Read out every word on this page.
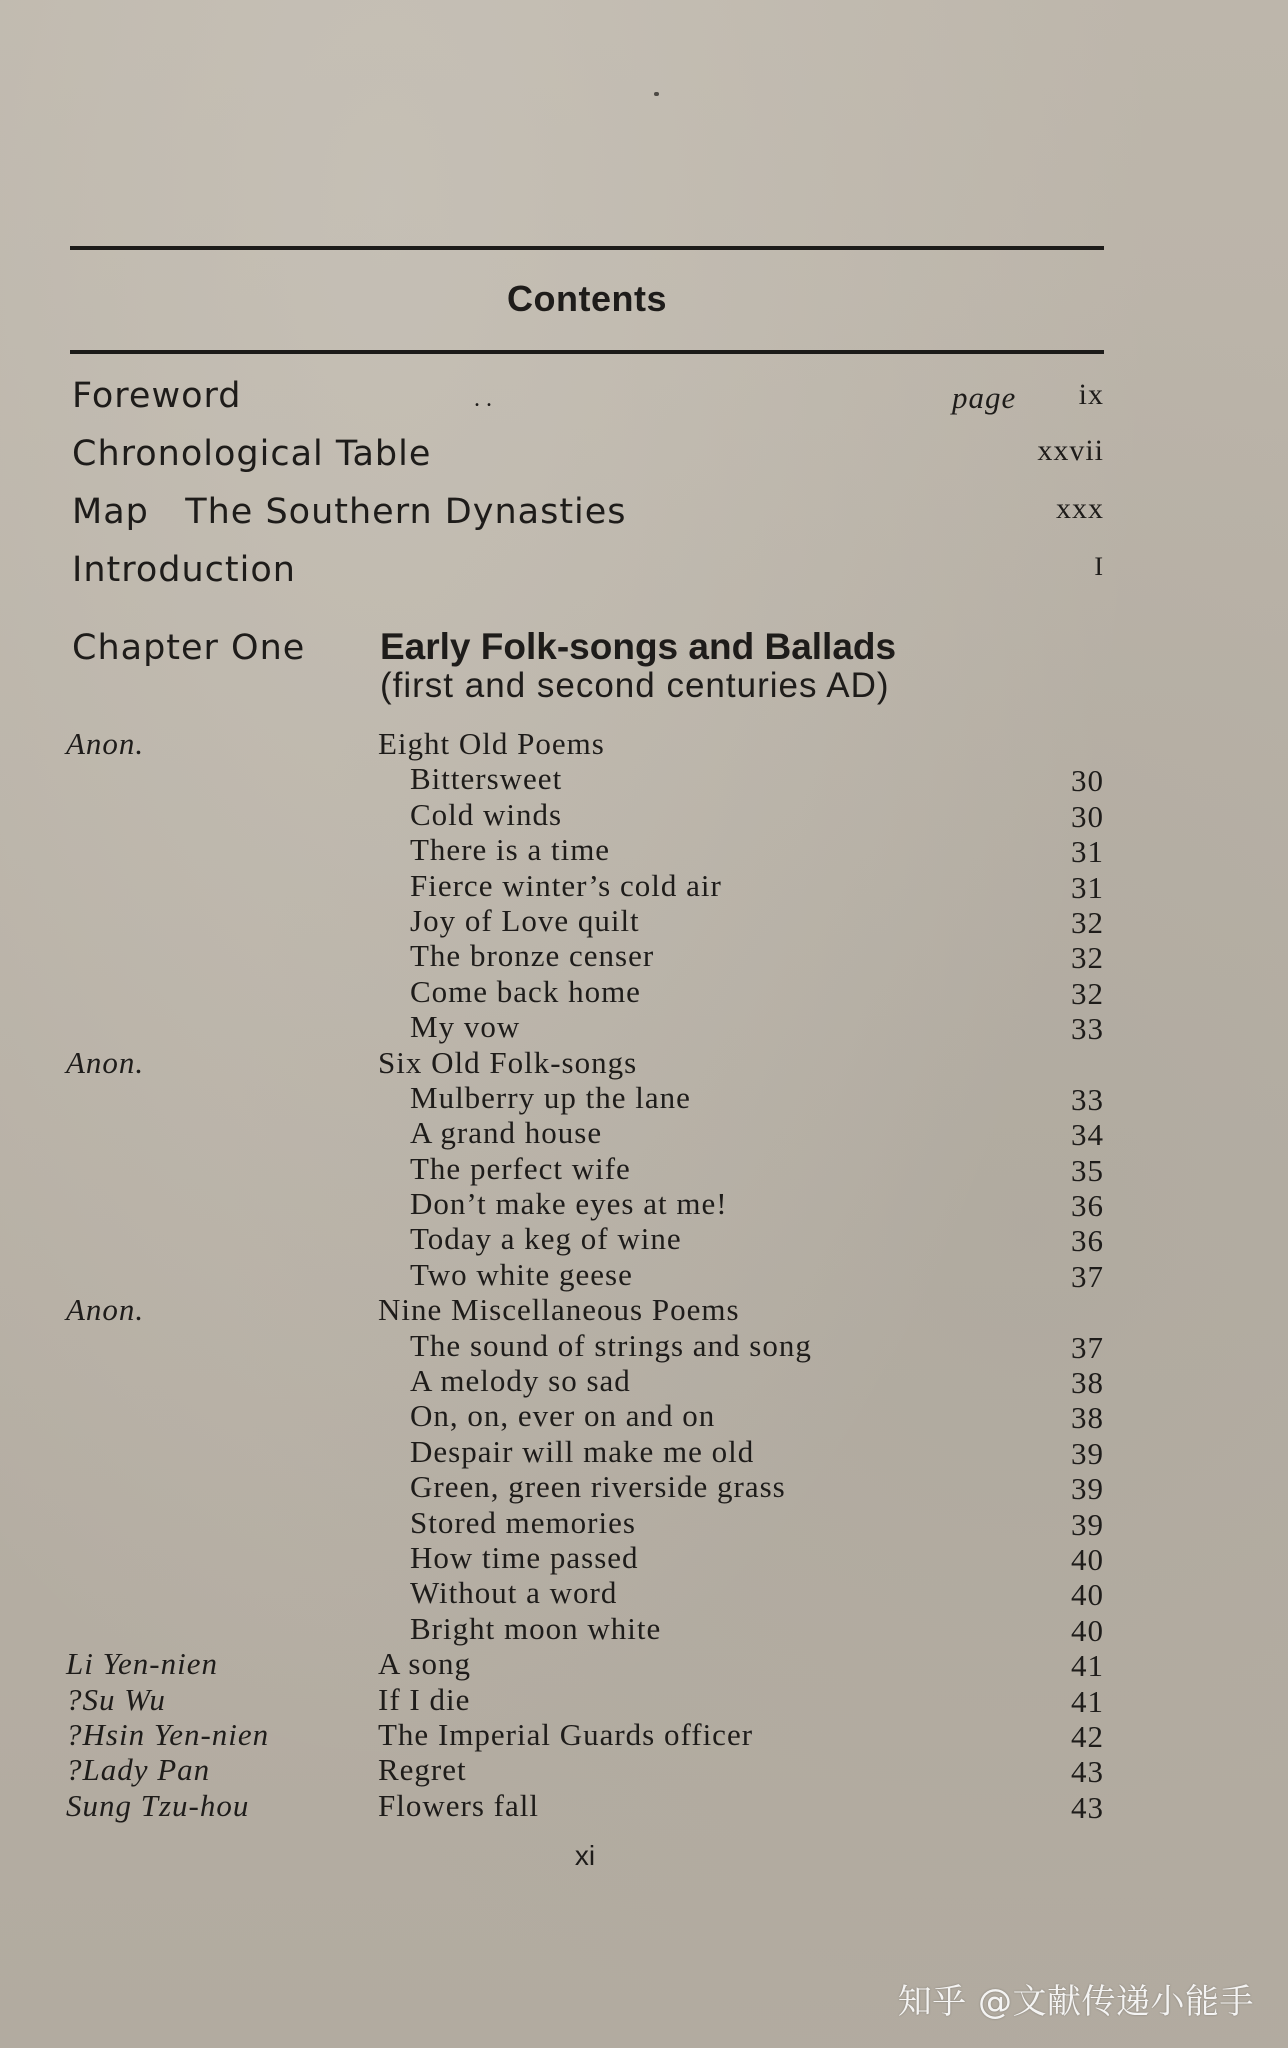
Contents
page
. .
Foreword	ix
Chronological Table	xxvii
Map   The Southern Dynasties	xxx
Introduction	I
Chapter One Early Folk-songs and Ballads
(first and second centuries AD)
Anon.	Eight Old Poems
Bittersweet	30
Cold winds	30
There is a time	31
Fierce winter’s cold air	31
Joy of Love quilt	32
The bronze censer	32
Come back home	32
My vow	33
Anon.	Six Old Folk-songs
Mulberry up the lane	33
A grand house	34
The perfect wife	35
Don’t make eyes at me!	36
Today a keg of wine	36
Two white geese	37
Anon.	Nine Miscellaneous Poems
The sound of strings and song	37
A melody so sad	38
On, on, ever on and on	38
Despair will make me old	39
Green, green riverside grass	39
Stored memories	39
How time passed	40
Without a word	40
Bright moon white	40
Li Yen-nien	A song	41
?Su Wu	If I die	41
?Hsin Yen-nien	The Imperial Guards officer	42
?Lady Pan	Regret	43
Sung Tzu-hou	Flowers fall	43
xi
知乎 @文献传递小能手
